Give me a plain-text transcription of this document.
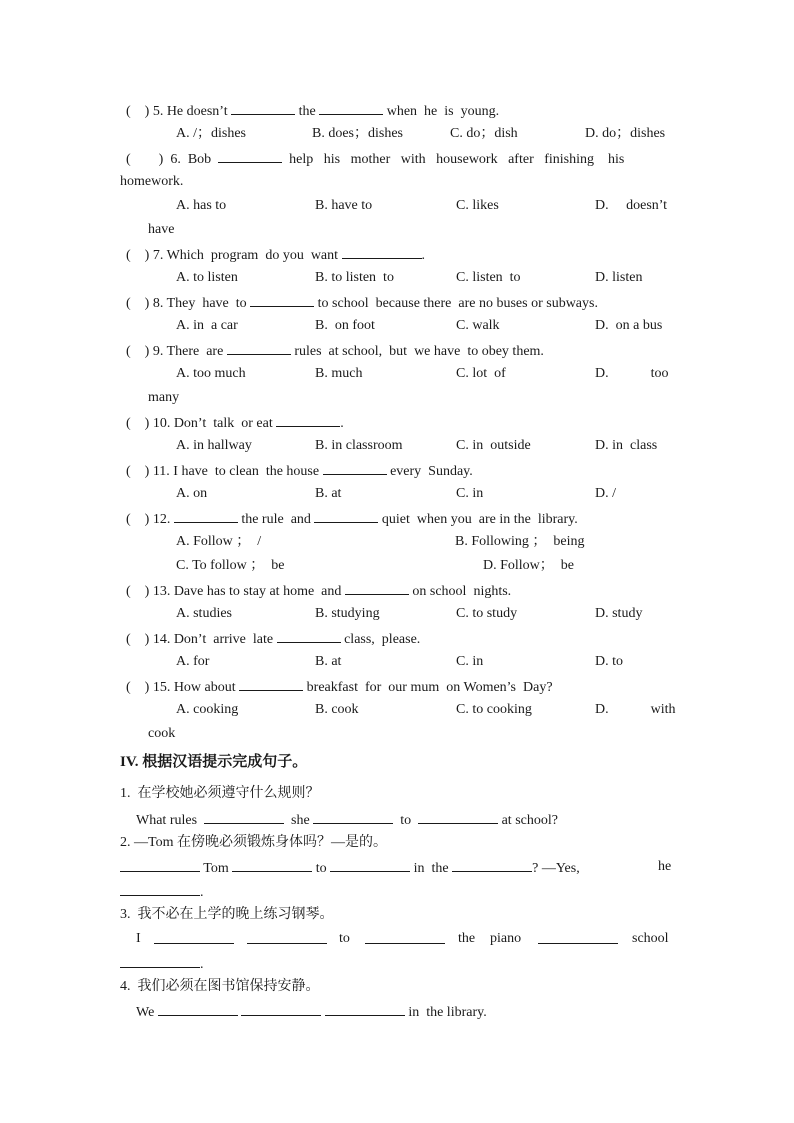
(    ) 5. He doesn’t	the	when  he  is  young.
A. /；dishes	B. does；dishes	C. do；dish	D. do；dishes
(        )  6.  Bob	help   his   mother   with   housework   after   finishing    his
homework.
A. has to	B. have to	C. likes	D.     doesn’t
have
(    ) 7. Which  program  do you  want	.
A. to listen	B. to listen  to	C. listen  to	D. listen
(    ) 8. They  have  to	to school  because there  are no buses or subways.
A. in  a car	B.  on foot	C. walk	D.  on a bus
(    ) 9. There  are	rules  at school,  but  we have  to obey them.
A. too much	B. much	C. lot  of	D.            too
many
(    ) 10. Don’t  talk  or eat	.
A. in hallway	B. in classroom	C. in  outside	D. in  class
(    ) 11. I have  to clean  the house	every  Sunday.
A. on	B. at	C. in	D. /
(    ) 12.	the rule  and	quiet  when you  are in the  library.
A. Follow ；  /	B. Following ；  being
C. To follow ；  be	D. Follow；  be
(    ) 13. Dave has to stay at home  and	on school  nights.
A. studies	B. studying	C. to study	D. study
(    ) 14. Don’t  arrive  late	class,  please.
A. for	B. at	C. in	D. to
(    ) 15. How about	breakfast  for  our mum  on Women’s  Day?
A. cooking	B. cook	C. to cooking	D.            with
cook
IV. 根据汉语提示完成句子。
1.  在学校她必须遵守什么规则？
What rules	she	to	at school?
2. —Tom 在傍晚必须锻炼身体吗？—是的。
Tom	to	in  the	? —Yes,	he
.
3.  我不必在上学的晚上练习钢琴。
I	to	the piano	school
.
4.  我们必须在图书馆保持安静。
We	in  the library.
